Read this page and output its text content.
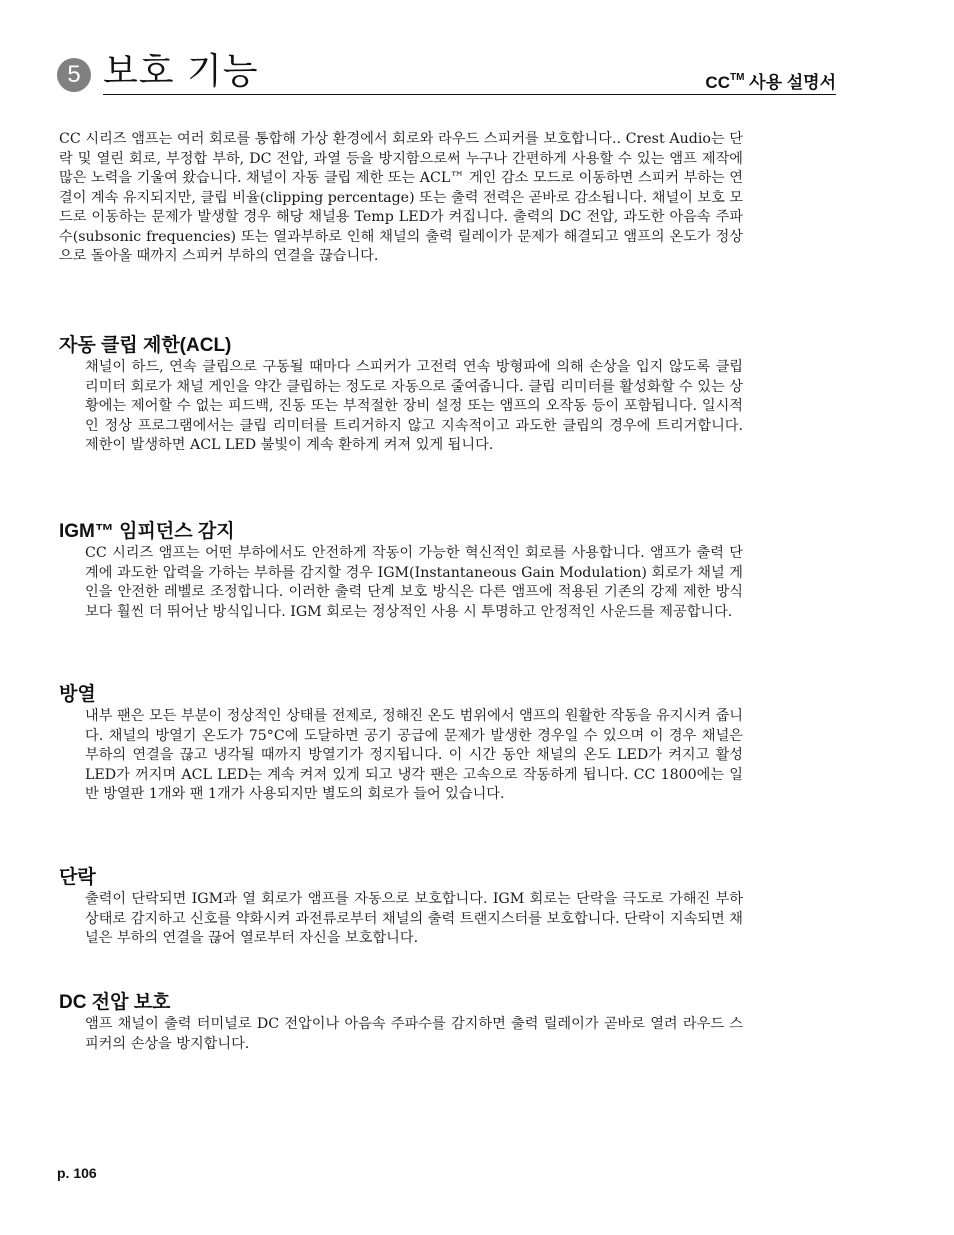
5 보호 기능	CC™ 사용 설명서

CC 시리즈 앰프는 여러 회로를 통합해 가상 환경에서 회로와 라우드 스피커를 보호합니다.. Crest Audio는 단락 및 열린 회로, 부정합 부하, DC 전압, 과열 등을 방지함으로써 누구나 간편하게 사용할 수 있는 앰프 제작에 많은 노력을 기울여 왔습니다. 채널이 자동 클립 제한 또는 ACL™ 게인 감소 모드로 이동하면 스피커 부하는 연결이 계속 유지되지만, 클립 비율(clipping percentage) 또는 출력 전력은 곧바로 감소됩니다. 채널이 보호 모드로 이동하는 문제가 발생할 경우 해당 채널용 Temp LED가 켜집니다. 출력의 DC 전압, 과도한 아음속 주파수(subsonic frequencies) 또는 열과부하로 인해 채널의 출력 릴레이가 문제가 해결되고 앰프의 온도가 정상으로 돌아올 때까지 스피커 부하의 연결을 끊습니다.

자동 클립 제한(ACL)

채널이 하드, 연속 클립으로 구동될 때마다 스피커가 고전력 연속 방형파에 의해 손상을 입지 않도록 클립 리미터 회로가 채널 게인을 약간 클립하는 정도로 자동으로 줄여줍니다. 클립 리미터를 활성화할 수 있는 상황에는 제어할 수 없는 피드백, 진동 또는 부적절한 장비 설정 또는 앰프의 오작동 등이 포함됩니다. 일시적인 정상 프로그램에서는 클립 리미터를 트리거하지 않고 지속적이고 과도한 클립의 경우에 트리거합니다. 제한이 발생하면 ACL LED 불빛이 계속 환하게 켜져 있게 됩니다.

IGM™ 임피던스 감지

CC 시리즈 앰프는 어떤 부하에서도 안전하게 작동이 가능한 혁신적인 회로를 사용합니다. 앰프가 출력 단계에 과도한 압력을 가하는 부하를 감지할 경우 IGM(Instantaneous Gain Modulation) 회로가 채널 게인을 안전한 레벨로 조정합니다. 이러한 출력 단계 보호 방식은 다른 앰프에 적용된 기존의 강제 제한 방식보다 훨씬 더 뛰어난 방식입니다. IGM 회로는 정상적인 사용 시 투명하고 안정적인 사운드를 제공합니다.

방열

내부 팬은 모든 부분이 정상적인 상태를 전제로, 정해진 온도 범위에서 앰프의 원활한 작동을 유지시켜 줍니다. 채널의 방열기 온도가 75°C에 도달하면 공기 공급에 문제가 발생한 경우일 수 있으며 이 경우 채널은 부하의 연결을 끊고 냉각될 때까지 방열기가 정지됩니다. 이 시간 동안 채널의 온도 LED가 켜지고 활성 LED가 꺼지며 ACL LED는 계속 켜져 있게 되고 냉각 팬은 고속으로 작동하게 됩니다. CC 1800에는 일반 방열판 1개와 팬 1개가 사용되지만 별도의 회로가 들어 있습니다.

단락

출력이 단락되면 IGM과 열 회로가 앰프를 자동으로 보호합니다. IGM 회로는 단락을 극도로 가해진 부하 상태로 감지하고 신호를 약화시켜 과전류로부터 채널의 출력 트랜지스터를 보호합니다. 단락이 지속되면 채널은 부하의 연결을 끊어 열로부터 자신을 보호합니다.

DC 전압 보호

앰프 채널이 출력 터미널로 DC 전압이나 아음속 주파수를 감지하면 출력 릴레이가 곧바로 열려 라우드 스피커의 손상을 방지합니다.

p. 106
